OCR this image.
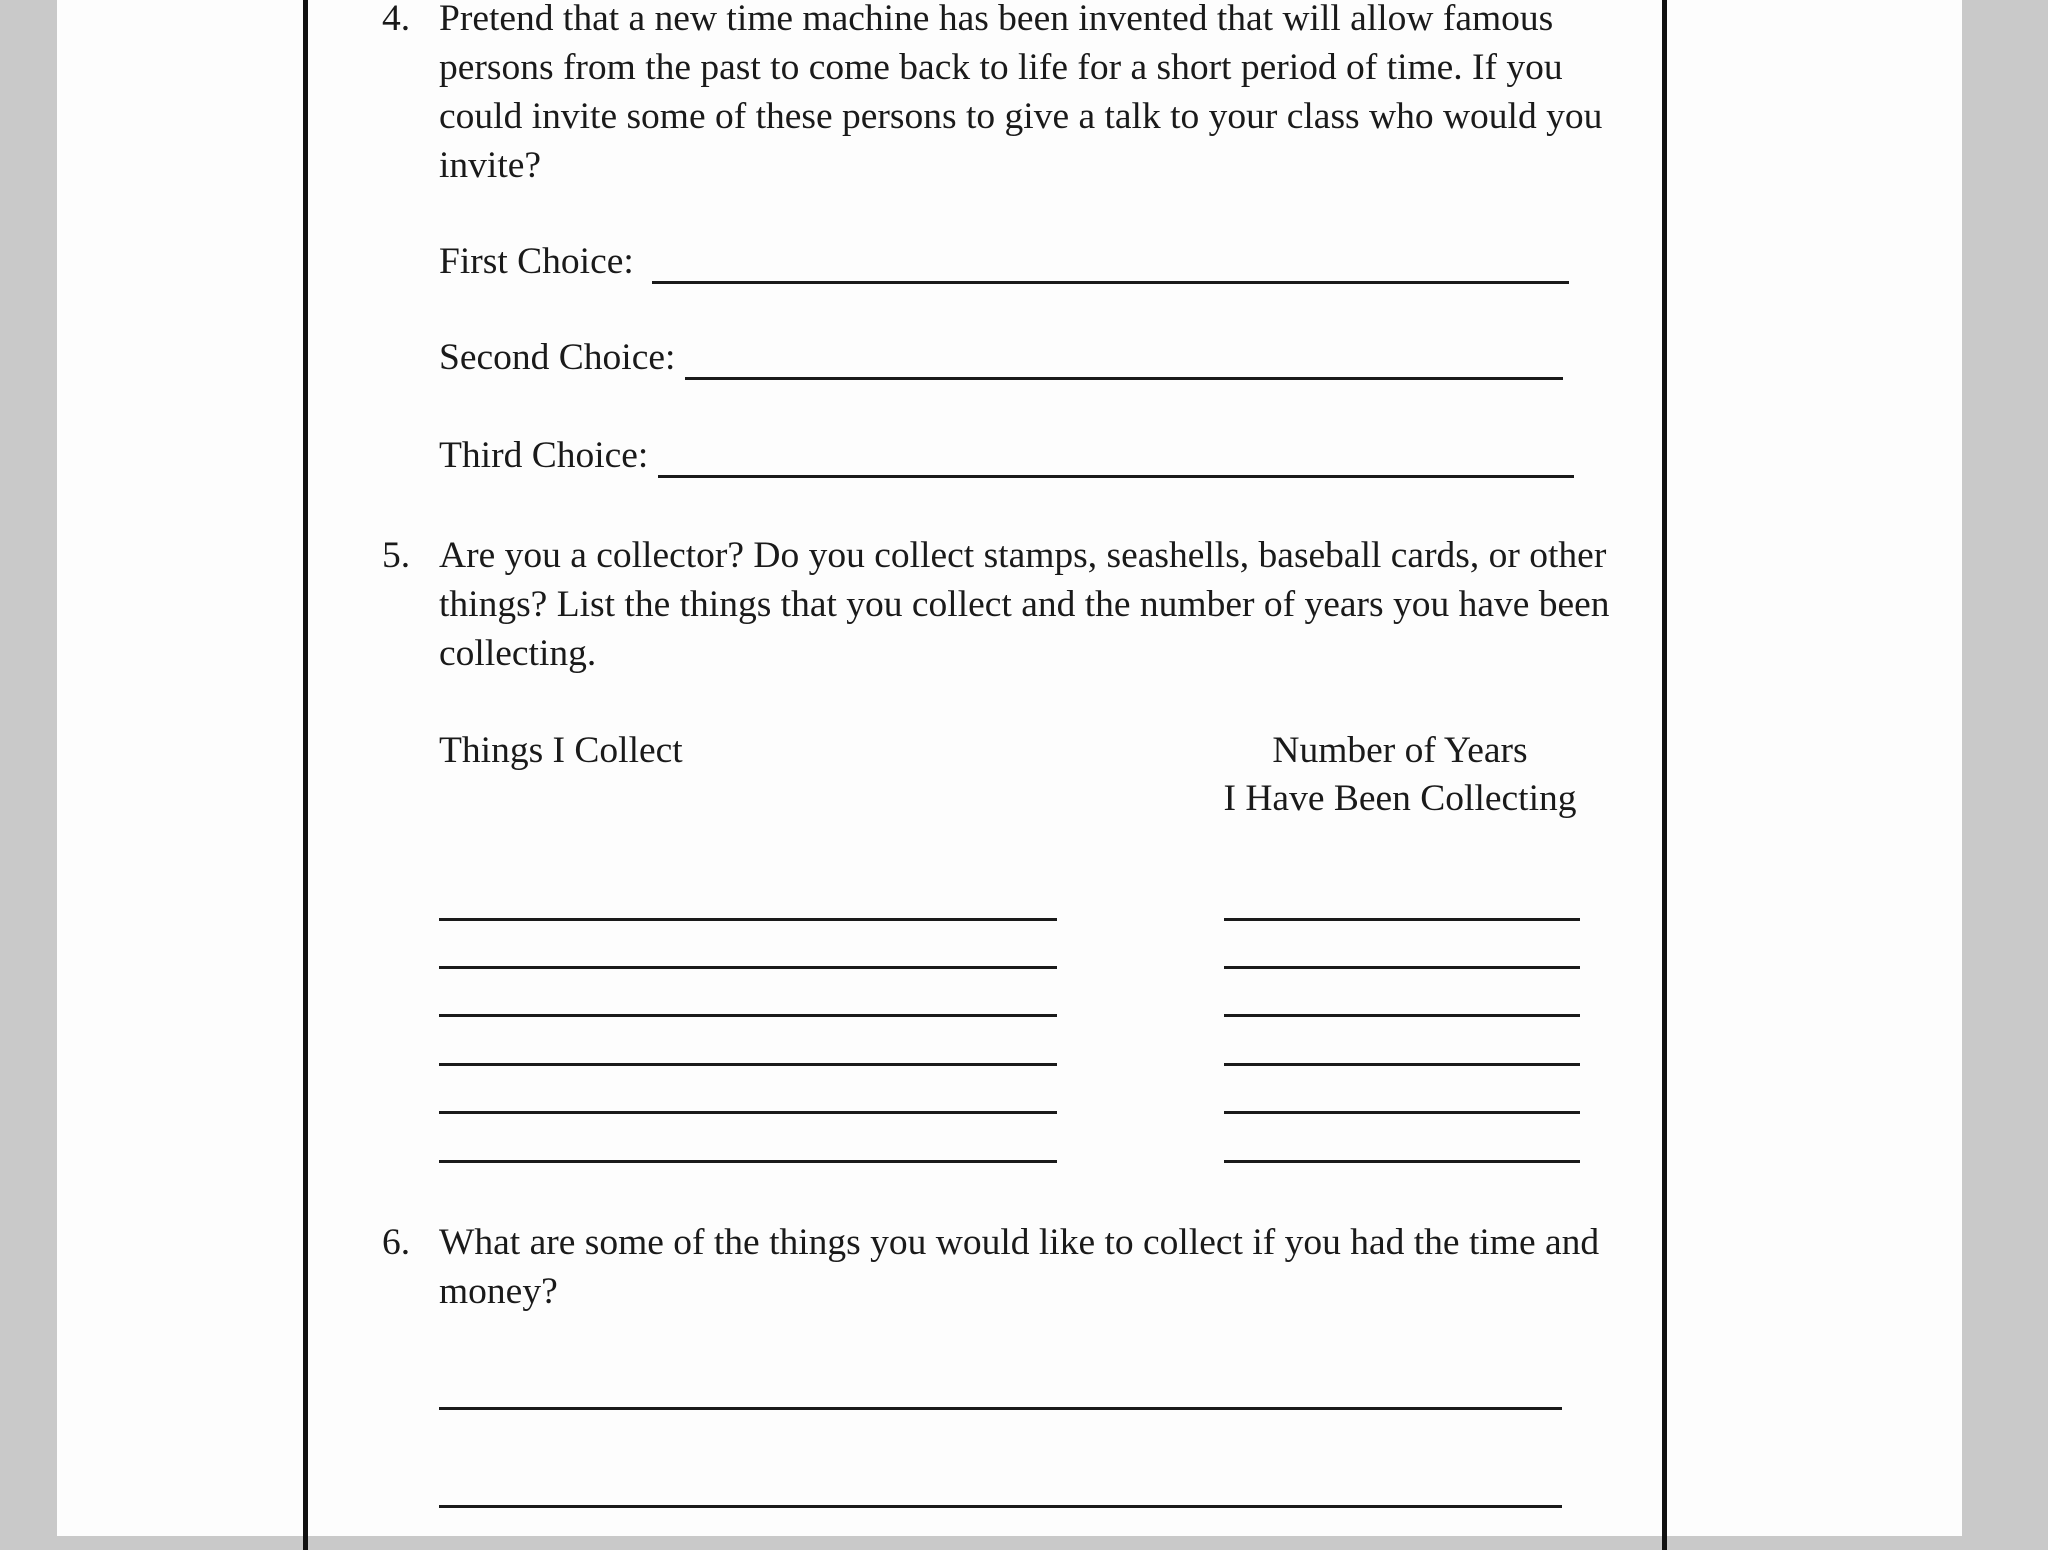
4. Pretend that a new time machine has been invented that will allow famous persons from the past to come back to life for a short period of time. If you could invite some of these persons to give a talk to your class who would you invite?
First Choice:
Second Choice:
Third Choice:
5. Are you a collector? Do you collect stamps, seashells, baseball cards, or other things? List the things that you collect and the number of years you have been collecting.
Things I Collect	Number of Years
I Have Been Collecting
6. What are some of the things you would like to collect if you had the time and money?
